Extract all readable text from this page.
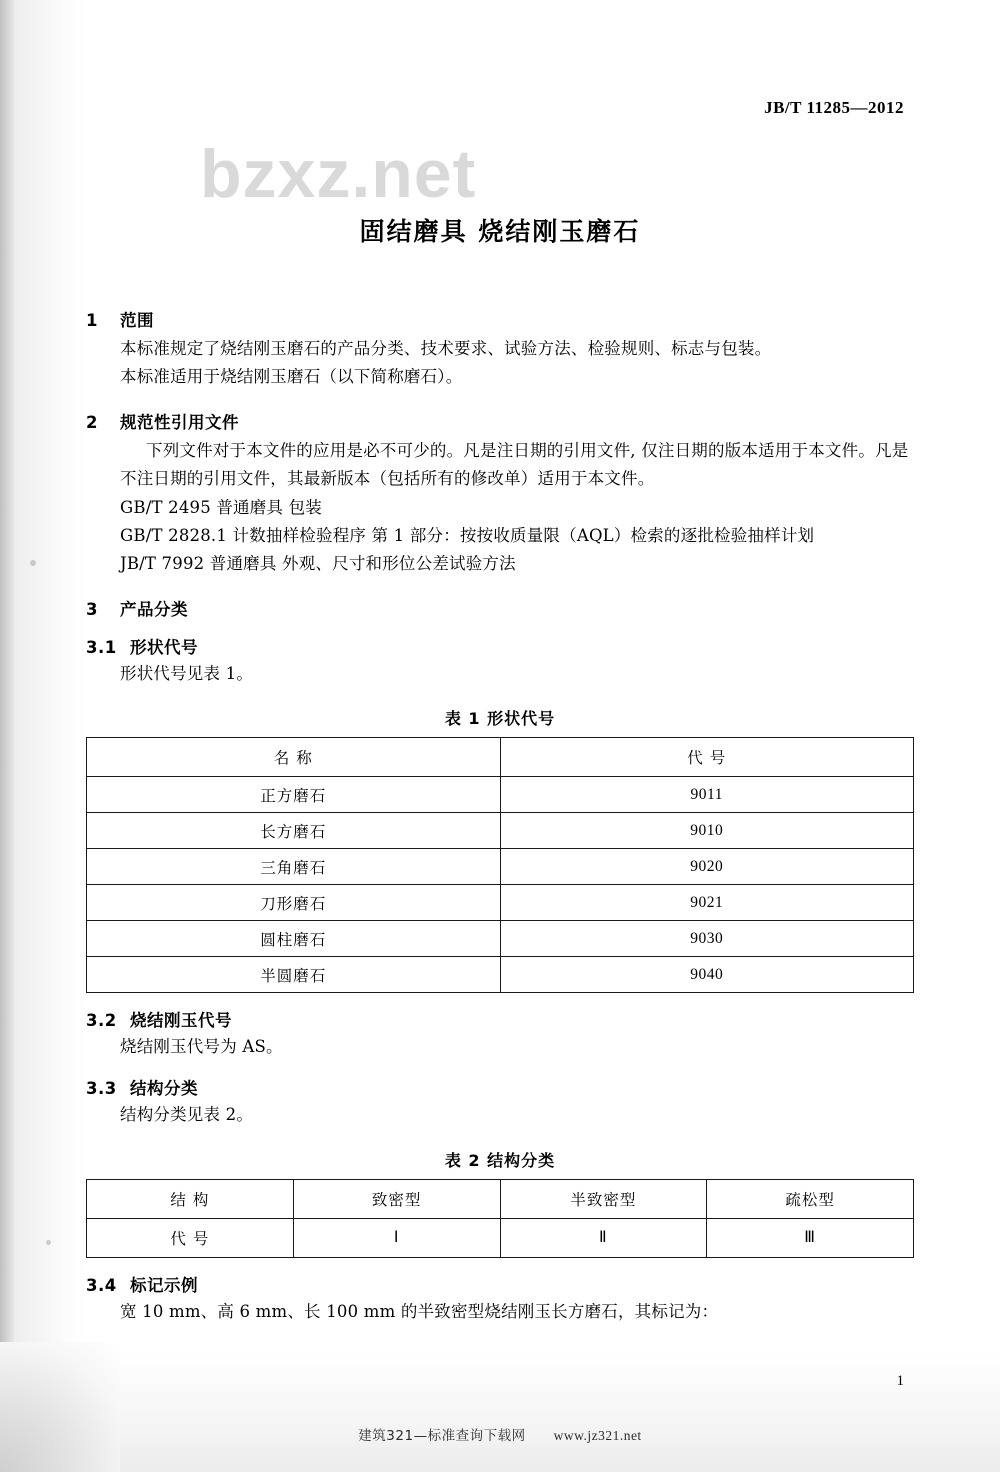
JB/T 11285—2012
bzxz.net
固结磨具 烧结刚玉磨石
1 范围

本标准规定了烧结刚玉磨石的产品分类、技术要求、试验方法、检验规则、标志与包装。

本标准适用于烧结刚玉磨石（以下简称磨石）。

2 规范性引用文件

下列文件对于本文件的应用是必不可少的。凡是注日期的引用文件, 仅注日期的版本适用于本文件。凡是不注日期的引用文件，其最新版本（包括所有的修改单）适用于本文件。

GB/T 2495 普通磨具 包装

GB/T 2828.1 计数抽样检验程序 第 1 部分：按按收质量限（AQL）检索的逐批检验抽样计划

JB/T 7992 普通磨具 外观、尺寸和形位公差试验方法

3 产品分类
3.1 形状代号

形状代号见表 1。

表 1 形状代号
名 称	代 号
正方磨石	9011
长方磨石	9010
三角磨石	9020
刀形磨石	9021
圆柱磨石	9030
半圆磨石	9040
3.2 烧结刚玉代号

烧结刚玉代号为 AS。

3.3 结构分类

结构分类见表 2。

表 2 结构分类
结 构	致密型	半致密型	疏松型
代 号	Ⅰ	Ⅱ	Ⅲ
3.4 标记示例

宽 10 mm、高 6 mm、长 100 mm 的半致密型烧结刚玉长方磨石，其标记为：

1
建筑321—标准查询下载网 www.jz321.net
